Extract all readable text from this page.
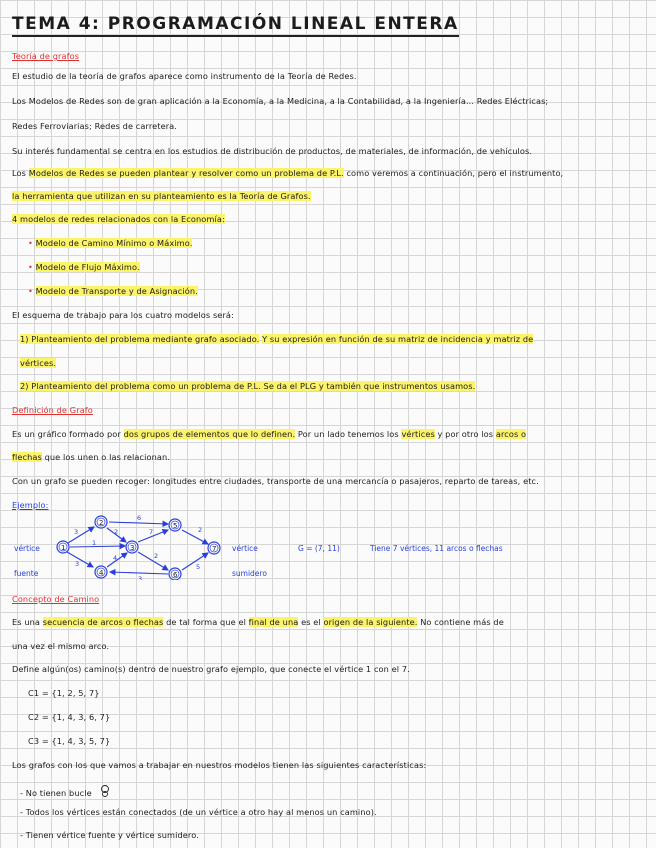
TEMA 4: PROGRAMACIÓN LINEAL ENTERA
Teoría de grafos
El estudio de la teoría de grafos aparece como instrumento de la Teoría de Redes.
Los Modelos de Redes son de gran aplicación a la Economía, a la Medicina, a la Contabilidad, a la Ingeniería... Redes Eléctricas;
Redes Ferroviarias; Redes de carretera.
Su interés fundamental se centra en los estudios de distribución de productos, de materiales, de información, de vehículos.
Los Modelos de Redes se pueden plantear y resolver como un problema de P.L. como veremos a continuación, pero el instrumento,
la herramienta que utilizan en su planteamiento es la Teoría de Grafos.
4 modelos de redes relacionados con la Economía:
• Modelo de Camino Mínimo o Máximo.
• Modelo de Flujo Máximo.
• Modelo de Transporte y de Asignación.
El esquema de trabajo para los cuatro modelos será:
1) Planteamiento del problema mediante grafo asociado. Y su expresión en función de su matriz de incidencia y matriz de
vértices.
2) Planteamiento del problema como un problema de P.L. Se da el PLG y también que instrumentos usamos.
Definición de Grafo
Es un gráfico formado por dos grupos de elementos que lo definen. Por un lado tenemos los vértices y por otro los arcos o
flechas que los unen o las relacionan.
Con un grafo se pueden recoger: longitudes entre ciudades, transporte de una mercancía o pasajeros, reparto de tareas, etc.
Ejemplo:
3
6
2
1
7
3
4	2
3
2
5
1
2
3
4
5
6
7
vértice
fuente
vértice
sumidero
G = (7, 11)	Tiene 7 vértices, 11 arcos o flechas
Concepto de Camino
Es una secuencia de arcos o flechas de tal forma que el final de una es el origen de la siguiente. No contiene más de
una vez el mismo arco.
Define algún(os) camino(s) dentro de nuestro grafo ejemplo, que conecte el vértice 1 con el 7.
C1 = {1, 2, 5, 7}
C2 = {1, 4, 3, 6, 7}
C3 = {1, 4, 3, 5, 7}
Los grafos con los que vamos a trabajar en nuestros modelos tienen las siguientes características:
- No tienen bucle
- Todos los vértices están conectados (de un vértice a otro hay al menos un camino).
- Tienen vértice fuente y vértice sumidero.
